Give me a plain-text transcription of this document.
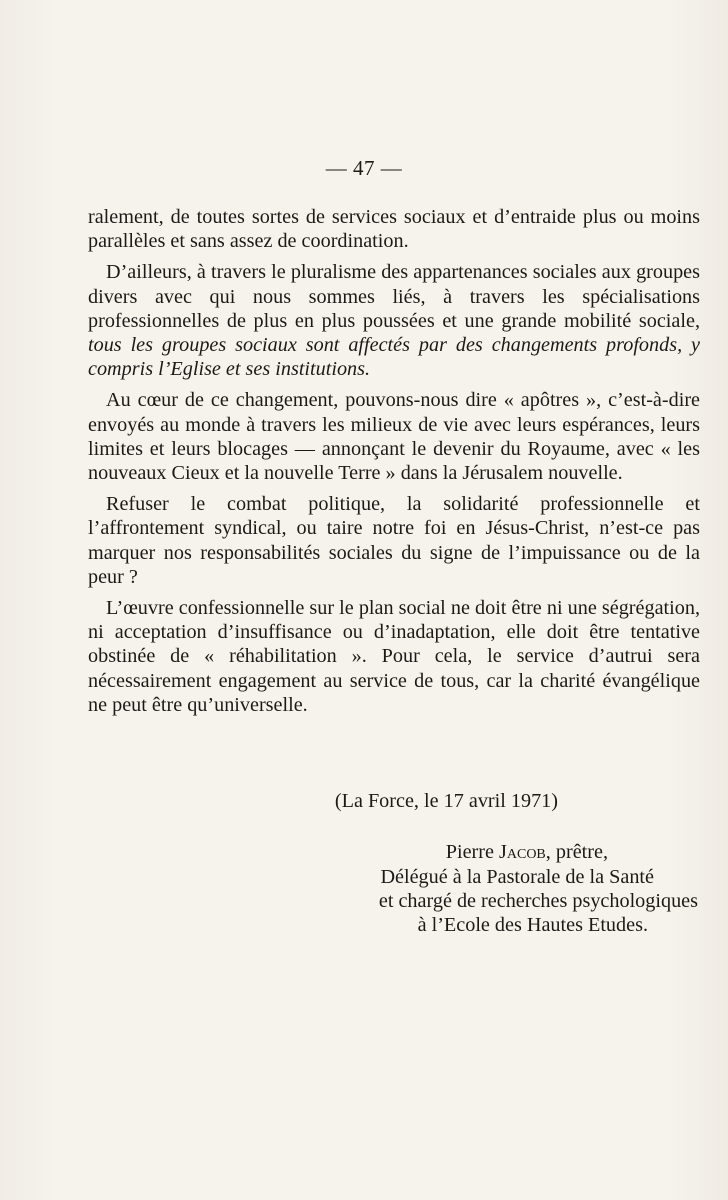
— 47 —

ralement, de toutes sortes de services sociaux et d’entraide plus ou moins parallèles et sans assez de coordination.

D’ailleurs, à travers le pluralisme des appartenances sociales aux groupes divers avec qui nous sommes liés, à travers les spécialisations professionnelles de plus en plus poussées et une grande mobilité sociale, tous les groupes sociaux sont affectés par des changements profonds, y compris l’Eglise et ses institutions.

Au cœur de ce changement, pouvons-nous dire « apôtres », c’est-à-dire envoyés au monde à travers les milieux de vie avec leurs espérances, leurs limites et leurs blocages — annonçant le devenir du Royaume, avec « les nouveaux Cieux et la nouvelle Terre » dans la Jérusalem nouvelle.

Refuser le combat politique, la solidarité professionnelle et l’affrontement syndical, ou taire notre foi en Jésus-Christ, n’est-ce pas marquer nos responsabilités sociales du signe de l’impuissance ou de la peur ?

L’œuvre confessionnelle sur le plan social ne doit être ni une ségrégation, ni acceptation d’insuffisance ou d’inadaptation, elle doit être tentative obstinée de « réhabilitation ». Pour cela, le service d’autrui sera nécessairement engagement au service de tous, car la charité évangélique ne peut être qu’universelle.

(La Force, le 17 avril 1971)
Pierre Jacob, prêtre,
Délégué à la Pastorale de la Santé
et chargé de recherches psychologiques
à l’Ecole des Hautes Etudes.
